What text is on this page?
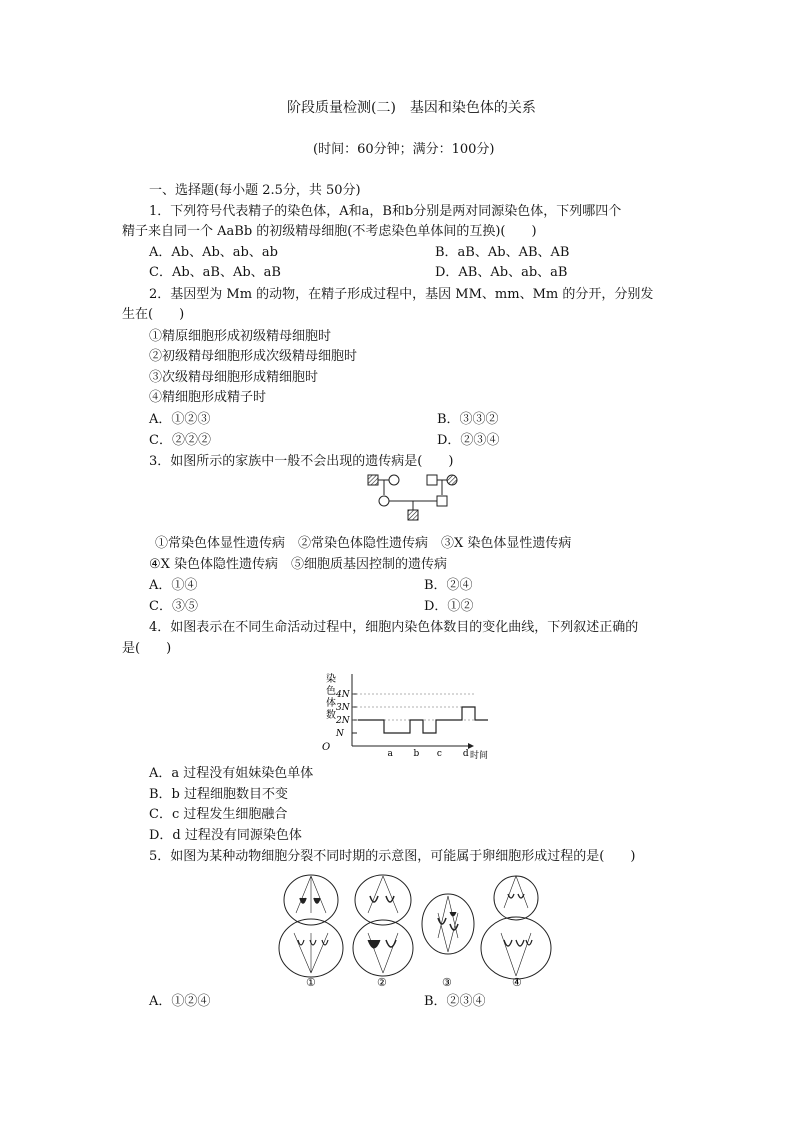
阶段质量检测(二)　基因和染色体的关系
(时间：60分钟；满分：100分)
一、选择题(每小题 2.5分，共 50分)
1．下列符号代表精子的染色体，A和a，B和b分别是两对同源染色体，下列哪四个
精子来自同一个 AaBb 的初级精母细胞(不考虑染色单体间的互换)(　　)
A．Ab、Ab、ab、ab	B．aB、Ab、AB、AB
C．Ab、aB、Ab、aB	D．AB、Ab、ab、aB
2．基因型为 Mm 的动物，在精子形成过程中，基因 MM、mm、Mm 的分开，分别发
生在(　　)
①精原细胞形成初级精母细胞时
②初级精母细胞形成次级精母细胞时
③次级精母细胞形成精细胞时
④精细胞形成精子时
A．①②③	B．③③②
C．②②②	D．②③④
3．如图所示的家族中一般不会出现的遗传病是(　　)
①常染色体显性遗传病　②常染色体隐性遗传病　③X 染色体显性遗传病
④X 染色体隐性遗传病　⑤细胞质基因控制的遗传病
A．①④	B．②④
C．③⑤	D．①②
4．如图表示在不同生命活动过程中，细胞内染色体数目的变化曲线，下列叙述正确的
是(　　)
染
色
体
数
O
时间
N
2N
3N
4N
a b c d
A．a 过程没有姐妹染色单体
B．b 过程细胞数目不变
C．c 过程发生细胞融合
D．d 过程没有同源染色体
5．如图为某种动物细胞分裂不同时期的示意图，可能属于卵细胞形成过程的是(　　)
①	②	③	④
A．①②④	B．②③④
